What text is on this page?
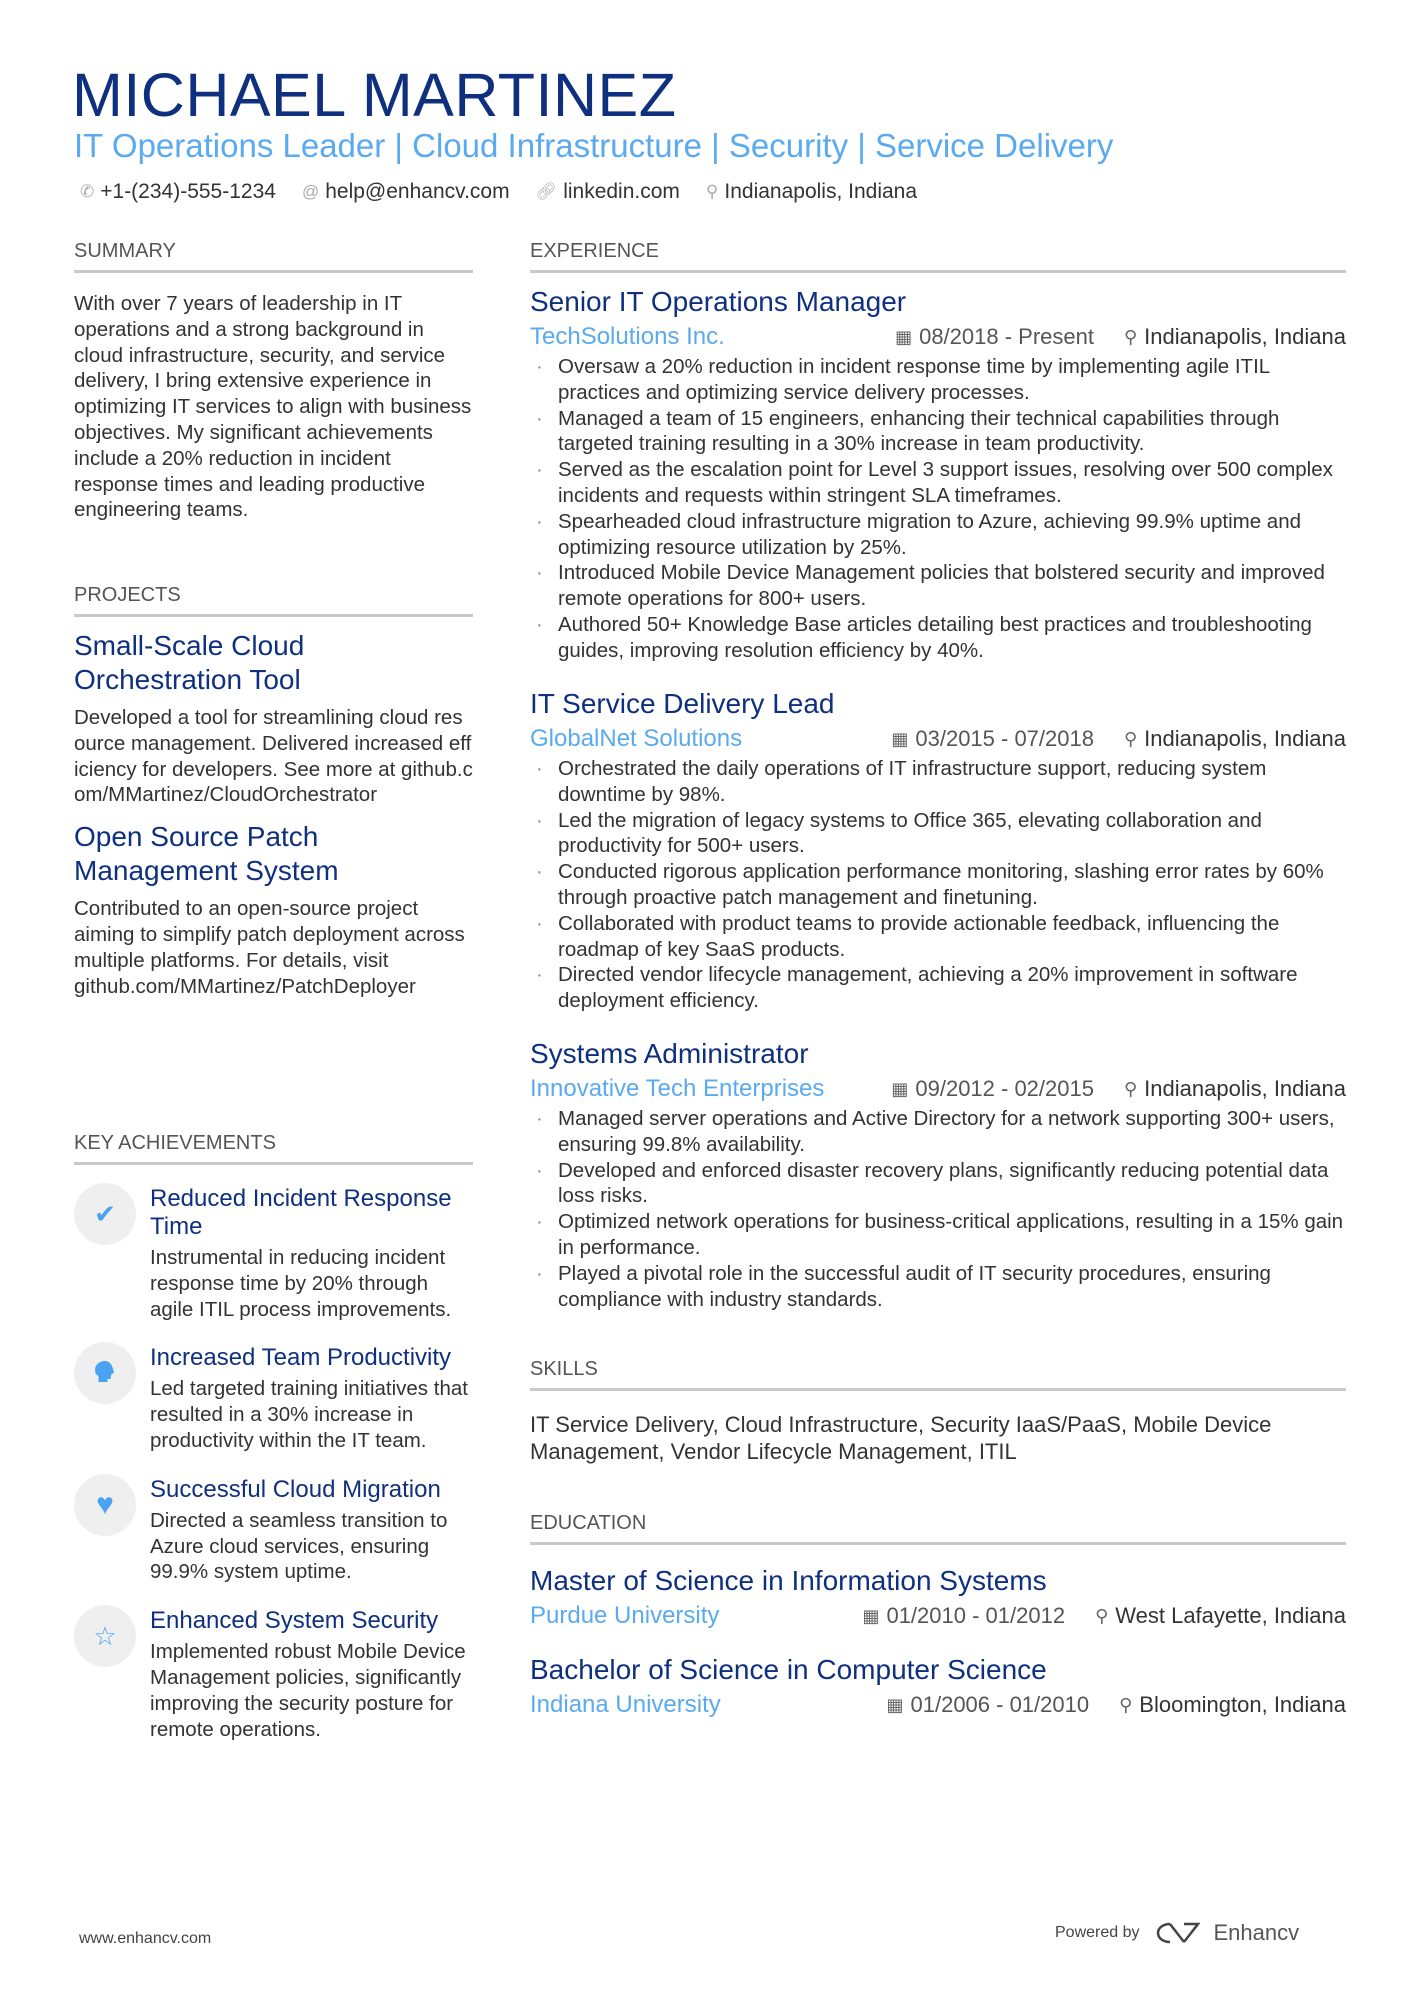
MICHAEL MARTINEZ
IT Operations Leader | Cloud Infrastructure | Security | Service Delivery
✆ +1-(234)-555-1234 @ help@enhancv.com 🔗︎ linkedin.com ⚲ Indianapolis, Indiana
SUMMARY
With over 7 years of leadership in IT operations and a strong background in cloud infrastructure, security, and service delivery, I bring extensive experience in optimizing IT services to align with business objectives. My significant achievements include a 20% reduction in incident response times and leading productive engineering teams.
PROJECTS
Small-Scale Cloud Orchestration Tool
Developed a tool for streamlining cloud resource management. Delivered increased efficiency for developers. See more at github.com/MMartinez/CloudOrchestrator
Open Source Patch Management System
Contributed to an open-source project aiming to simplify patch deployment across multiple platforms. For details, visit github.com/MMartinez/PatchDeployer
KEY ACHIEVEMENTS
✔	Reduced Incident Response Time
Instrumental in reducing incident response time by 20% through agile ITIL process improvements.
Increased Team Productivity
Led targeted training initiatives that resulted in a 30% increase in productivity within the IT team.
♥	Successful Cloud Migration
Directed a seamless transition to Azure cloud services, ensuring 99.9% system uptime.
☆	Enhanced System Security
Implemented robust Mobile Device Management policies, significantly improving the security posture for remote operations.
EXPERIENCE
Senior IT Operations Manager
TechSolutions Inc.	▦ 08/2018 - Present ⚲ Indianapolis, Indiana
· Oversaw a 20% reduction in incident response time by implementing agile ITIL practices and optimizing service delivery processes.
· Managed a team of 15 engineers, enhancing their technical capabilities through targeted training resulting in a 30% increase in team productivity.
· Served as the escalation point for Level 3 support issues, resolving over 500 complex incidents and requests within stringent SLA timeframes.
· Spearheaded cloud infrastructure migration to Azure, achieving 99.9% uptime and optimizing resource utilization by 25%.
· Introduced Mobile Device Management policies that bolstered security and improved remote operations for 800+ users.
· Authored 50+ Knowledge Base articles detailing best practices and troubleshooting guides, improving resolution efficiency by 40%.
IT Service Delivery Lead
GlobalNet Solutions	▦ 03/2015 - 07/2018 ⚲ Indianapolis, Indiana
· Orchestrated the daily operations of IT infrastructure support, reducing system downtime by 98%.
· Led the migration of legacy systems to Office 365, elevating collaboration and productivity for 500+ users.
· Conducted rigorous application performance monitoring, slashing error rates by 60% through proactive patch management and finetuning.
· Collaborated with product teams to provide actionable feedback, influencing the roadmap of key SaaS products.
· Directed vendor lifecycle management, achieving a 20% improvement in software deployment efficiency.
Systems Administrator
Innovative Tech Enterprises	▦ 09/2012 - 02/2015 ⚲ Indianapolis, Indiana
· Managed server operations and Active Directory for a network supporting 300+ users, ensuring 99.8% availability.
· Developed and enforced disaster recovery plans, significantly reducing potential data loss risks.
· Optimized network operations for business-critical applications, resulting in a 15% gain in performance.
· Played a pivotal role in the successful audit of IT security procedures, ensuring compliance with industry standards.
SKILLS
IT Service Delivery, Cloud Infrastructure, Security IaaS/PaaS, Mobile Device Management, Vendor Lifecycle Management, ITIL
EDUCATION
Master of Science in Information Systems
Purdue University	▦ 01/2010 - 01/2012 ⚲ West Lafayette, Indiana
Bachelor of Science in Computer Science
Indiana University	▦ 01/2006 - 01/2010 ⚲ Bloomington, Indiana
www.enhancv.com	Powered by	Enhancv
